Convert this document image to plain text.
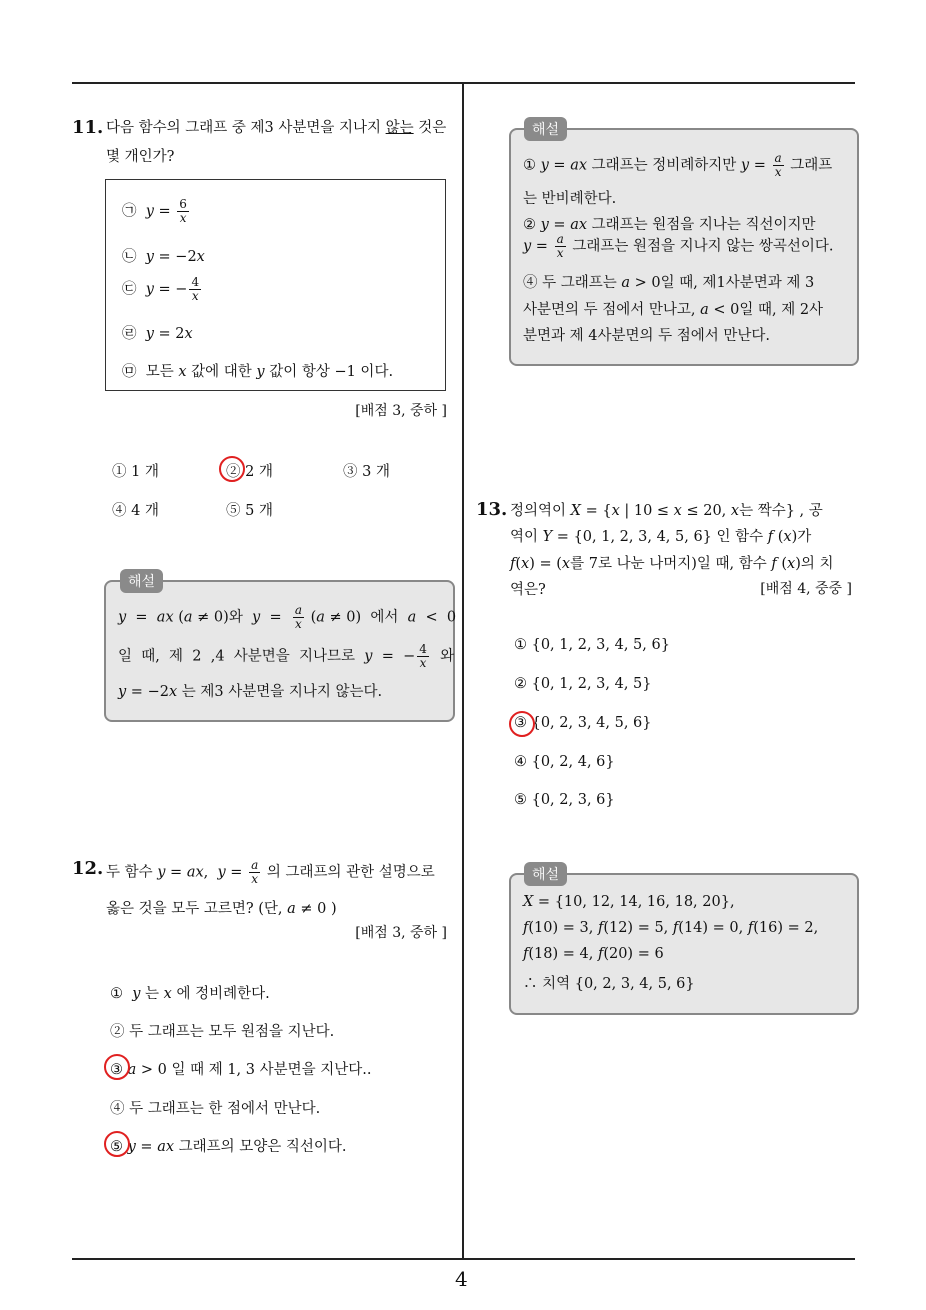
4
11. 다음 함수의 그래프 중 제3 사분면을 지나지 않는 것은
몇 개인가?
㉠ $y = \frac{6}{x}$
㉡ y = −2x
㉢ y = − $\frac{4}{x}$
㉣ y = 2x
㉤  모든 x 값에 대한 y 값이 항상 −1 이다.
[배점 3, 중하 ]
① 1 개	② 2 개	③ 3 개
④ 4 개	⑤ 5 개
해설
y  =  ax (a ≠ 0)와  $y = \frac{a}{x} (a \ne 0)$  에서  a  <  0
일  때,  제  2  ,4  사분면을  지나므로  y  =  − $\frac{4}{x}$ 와
y = −2x 는 제3 사분면을 지나지 않는다.
12. 두 함수 y = ax,  $y = \frac{a}{x}$ 의 그래프의 관한 설명으로
옳은 것을 모두 고르면? (단, a ≠ 0 )
[배점 3, 중하 ]
①  y 는 x 에 정비례한다.
② 두 그래프는 모두 원점을 지난다.
③ a > 0 일 때 제 1, 3 사분면을 지난다..
④ 두 그래프는 한 점에서 만난다.
⑤ y = ax 그래프의 모양은 직선이다.
해설
① y = ax 그래프는 정비례하지만 $y = \frac{a}{x}$ 그래프
는 반비례한다.
② y = ax 그래프는 원점을 지나는 직선이지만
$y = \frac{a}{x}$ 그래프는 원점을 지나지 않는 쌍곡선이다.
④ 두 그래프는 a > 0일 때, 제1사분면과 제 3
사분면의 두 점에서 만나고, a < 0일 때, 제 2사
분면과 제 4사분면의 두 점에서 만난다.
13. 정의역이 X = {x | 10 ≤ x ≤ 20, x는 짝수} , 공
역이 Y = {0, 1, 2, 3, 4, 5, 6} 인 함수 f (x)가
f(x) = (x를 7로 나눈 나머지)일 때, 함수 f (x)의 치
역은?	[배점 4, 중중 ]
① {0, 1, 2, 3, 4, 5, 6}
② {0, 1, 2, 3, 4, 5}
③ {0, 2, 3, 4, 5, 6}
④ {0, 2, 4, 6}
⑤ {0, 2, 3, 6}
해설
X = {10, 12, 14, 16, 18, 20},
f(10) = 3, f(12) = 5, f(14) = 0, f(16) = 2,
f(18) = 4, f(20) = 6
∴ 치역 {0, 2, 3, 4, 5, 6}
